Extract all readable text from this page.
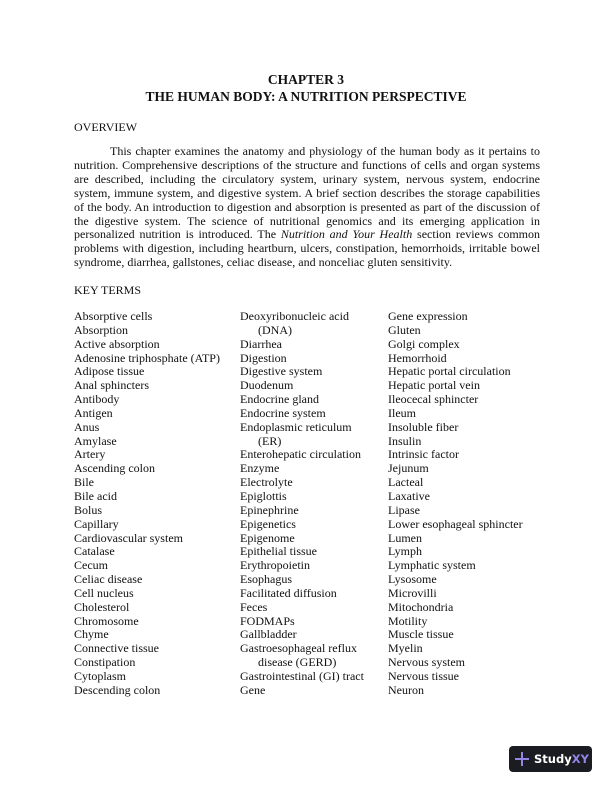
CHAPTER 3
THE HUMAN BODY: A NUTRITION PERSPECTIVE
OVERVIEW

This chapter examines the anatomy and physiology of the human body as it pertains to nutrition. Comprehensive descriptions of the structure and functions of cells and organ systems are described, including the circulatory system, urinary system, nervous system, endocrine system, immune system, and digestive system. A brief section describes the storage capabilities of the body. An introduction to digestion and absorption is presented as part of the discussion of the digestive system. The science of nutritional genomics and its emerging application in personalized nutrition is introduced. The Nutrition and Your Health section reviews common problems with digestion, including heartburn, ulcers, constipation, hemorrhoids, irritable bowel syndrome, diarrhea, gallstones, celiac disease, and nonceliac gluten sensitivity.

KEY TERMS
Absorptive cells
Absorption
Active absorption
Adenosine triphosphate (ATP)
Adipose tissue
Anal sphincters
Antibody
Antigen
Anus
Amylase
Artery
Ascending colon
Bile
Bile acid
Bolus
Capillary
Cardiovascular system
Catalase
Cecum
Celiac disease
Cell nucleus
Cholesterol
Chromosome
Chyme
Connective tissue
Constipation
Cytoplasm
Descending colon
Deoxyribonucleic acid
(DNA)
Diarrhea
Digestion
Digestive system
Duodenum
Endocrine gland
Endocrine system
Endoplasmic reticulum
(ER)
Enterohepatic circulation
Enzyme
Electrolyte
Epiglottis
Epinephrine
Epigenetics
Epigenome
Epithelial tissue
Erythropoietin
Esophagus
Facilitated diffusion
Feces
FODMAPs
Gallbladder
Gastroesophageal reflux
disease (GERD)
Gastrointestinal (GI) tract
Gene
Gene expression
Gluten
Golgi complex
Hemorrhoid
Hepatic portal circulation
Hepatic portal vein
Ileocecal sphincter
Ileum
Insoluble fiber
Insulin
Intrinsic factor
Jejunum
Lacteal
Laxative
Lipase
Lower esophageal sphincter
Lumen
Lymph
Lymphatic system
Lysosome
Microvilli
Mitochondria
Motility
Muscle tissue
Myelin
Nervous system
Nervous tissue
Neuron
Study XY
